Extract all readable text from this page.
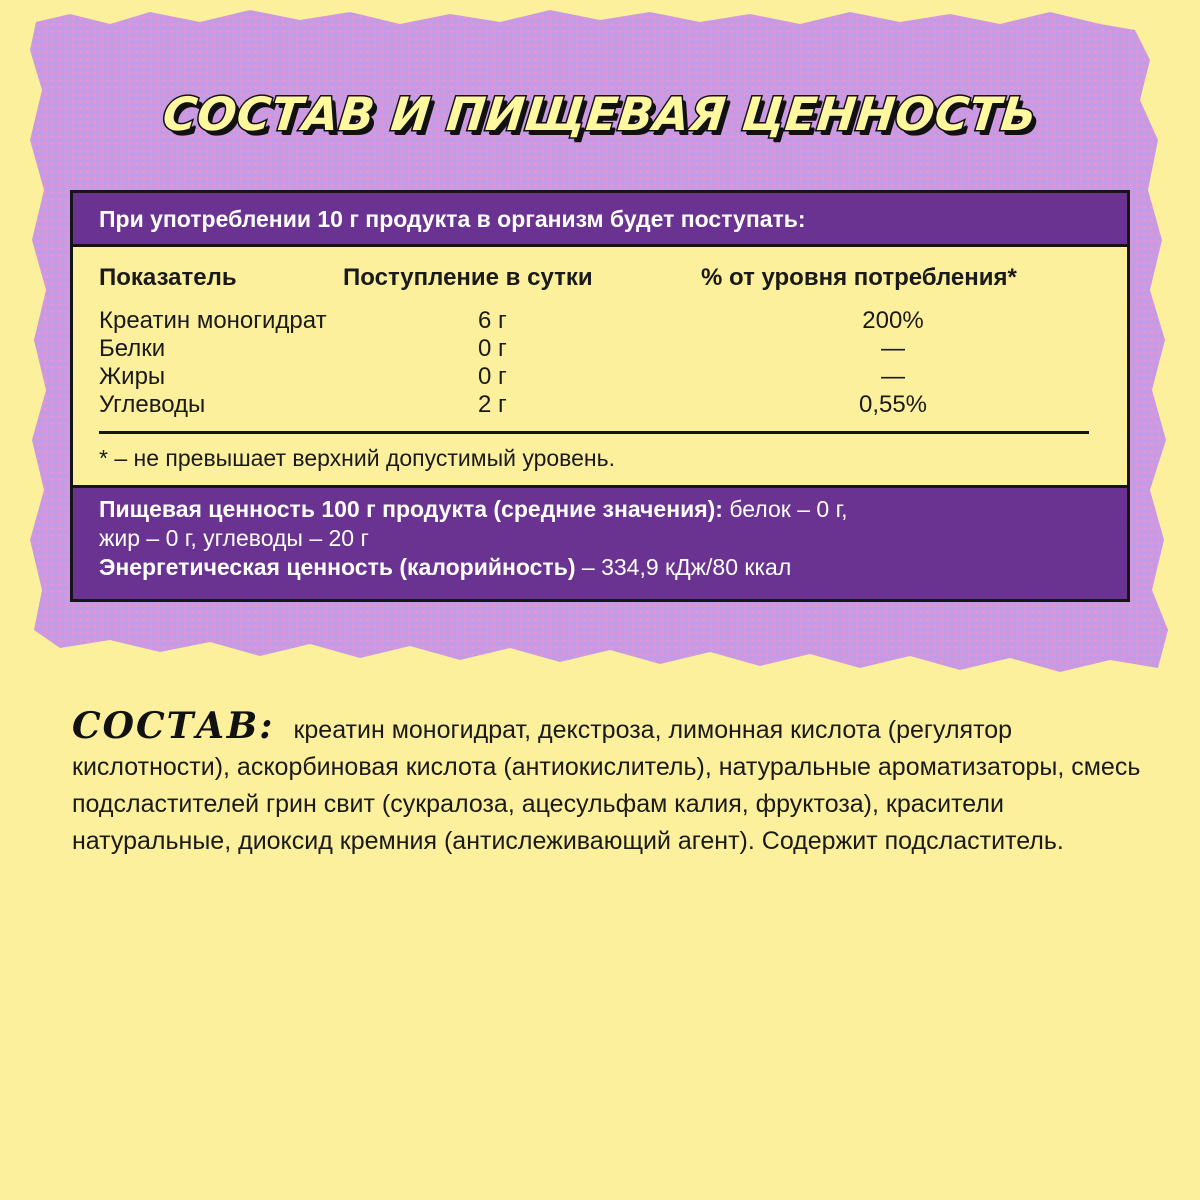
СОСТАВ И ПИЩЕВАЯ ЦЕННОСТЬ
При употреблении 10 г продукта в организм будет поступать:
Показатель	Поступление в сутки	% от уровня потребления*
Креатин моногидрат	6 г	200%
Белки	0 г	—
Жиры	0 г	—
Углеводы	2 г	0,55%
* – не превышает верхний допустимый уровень.
Пищевая ценность 100 г продукта (средние значения): белок – 0 г,
жир – 0 г, углеводы – 20 г
Энергетическая ценность (калорийность) – 334,9 кДж/80 ккал
СОСТАВ: креатин моногидрат, декстроза, лимонная кислота (регулятор кислотности), аскорбиновая кислота (антиокислитель), натуральные ароматизаторы, смесь подсластителей грин свит (сукралоза, ацесульфам калия, фруктоза), красители натуральные, диоксид кремния (антислеживающий агент). Содержит подсластитель.
